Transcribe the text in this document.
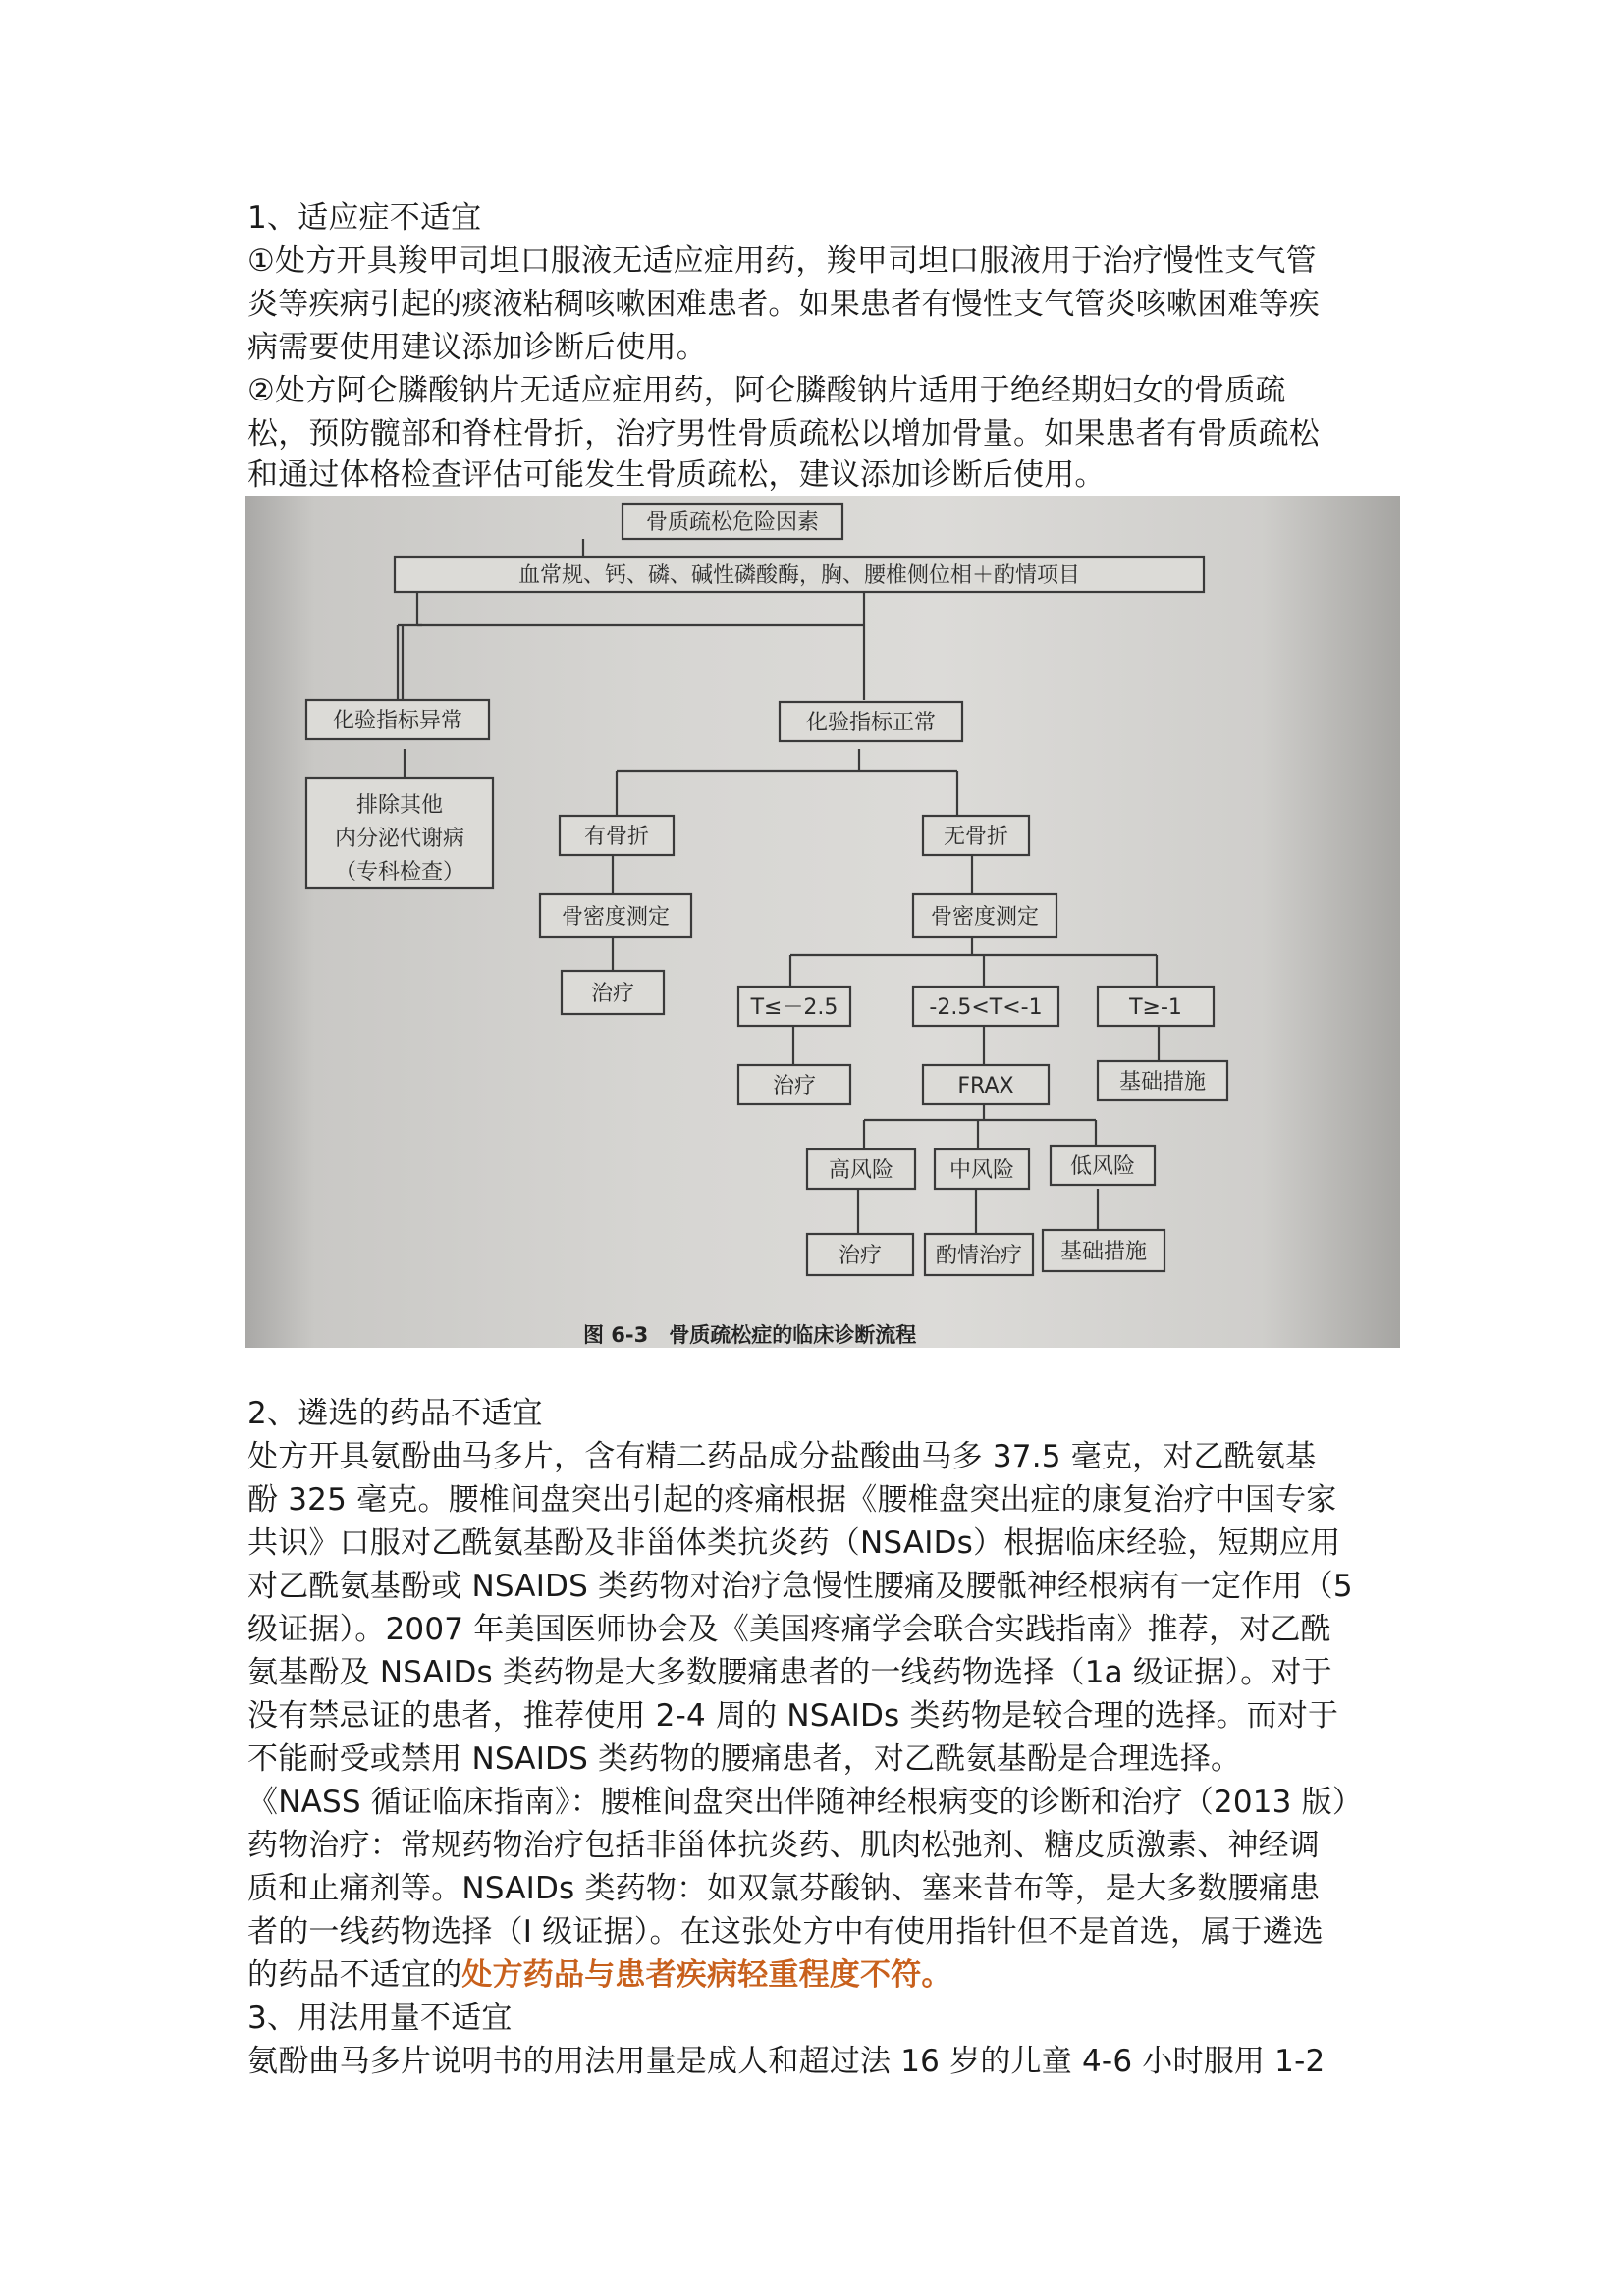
1、适应症不适宜
①处方开具羧甲司坦口服液无适应症用药，羧甲司坦口服液用于治疗慢性支气管
炎等疾病引起的痰液粘稠咳嗽困难患者。如果患者有慢性支气管炎咳嗽困难等疾
病需要使用建议添加诊断后使用。
②处方阿仑膦酸钠片无适应症用药，阿仑膦酸钠片适用于绝经期妇女的骨质疏
松，预防髋部和脊柱骨折，治疗男性骨质疏松以增加骨量。如果患者有骨质疏松
和通过体格检查评估可能发生骨质疏松，建议添加诊断后使用。
骨质疏松危险因素
血常规、钙、磷、碱性磷酸酶，胸、腰椎侧位相＋酌情项目
化验指标异常	化验指标正常
排除其他
内分泌代谢病
（专科检查）
有骨折	无骨折
骨密度测定	骨密度测定
治疗
T≤－2.5	-2.5<T<-1	T≥-1
治疗	FRAX	基础措施
高风险	中风险	低风险
治疗 酌情治疗 基础措施
图 6-3　骨质疏松症的临床诊断流程
2、遴选的药品不适宜
处方开具氨酚曲马多片，含有精二药品成分盐酸曲马多 37.5 毫克，对乙酰氨基
酚 325 毫克。腰椎间盘突出引起的疼痛根据《腰椎盘突出症的康复治疗中国专家
共识》口服对乙酰氨基酚及非甾体类抗炎药（NSAIDs）根据临床经验，短期应用
对乙酰氨基酚或 NSAIDS 类药物对治疗急慢性腰痛及腰骶神经根病有一定作用（5
级证据）。2007 年美国医师协会及《美国疼痛学会联合实践指南》推荐，对乙酰
氨基酚及 NSAIDs 类药物是大多数腰痛患者的一线药物选择（1a 级证据）。对于
没有禁忌证的患者，推荐使用 2-4 周的 NSAIDs 类药物是较合理的选择。而对于
不能耐受或禁用 NSAIDS 类药物的腰痛患者，对乙酰氨基酚是合理选择。
《NASS 循证临床指南》：腰椎间盘突出伴随神经根病变的诊断和治疗（2013 版）
药物治疗：常规药物治疗包括非甾体抗炎药、肌肉松弛剂、糖皮质激素、神经调
质和止痛剂等。NSAIDs 类药物：如双氯芬酸钠、塞来昔布等，是大多数腰痛患
者的一线药物选择（I 级证据）。在这张处方中有使用指针但不是首选，属于遴选
的药品不适宜的处方药品与患者疾病轻重程度不符。
3、用法用量不适宜
氨酚曲马多片说明书的用法用量是成人和超过法 16 岁的儿童 4-6 小时服用 1-2
